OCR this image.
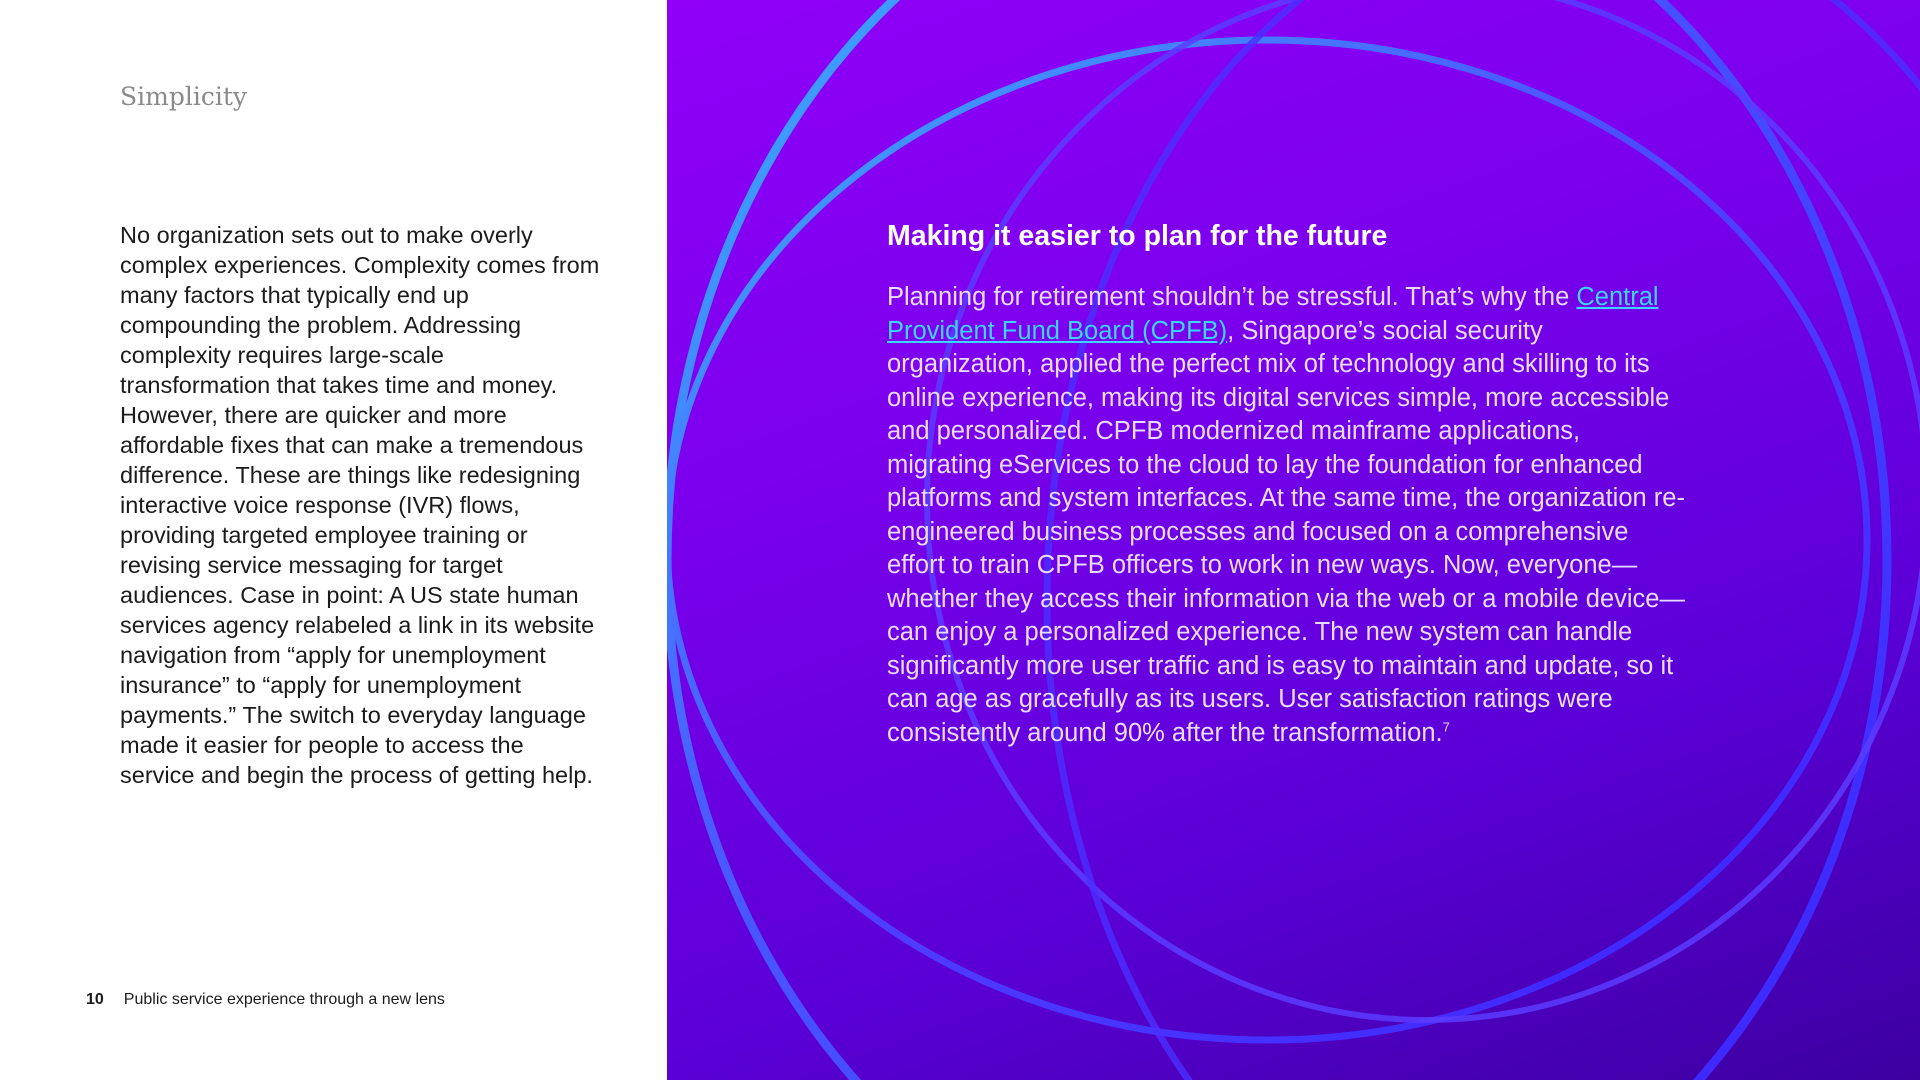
Simplicity

No organization sets out to make overly complex experiences. Complexity comes from many factors that typically end up compounding the problem. Addressing complexity requires large-scale transformation that takes time and money. However, there are quicker and more affordable fixes that can make a tremendous difference. These are things like redesigning interactive voice response (IVR) flows, providing targeted employee training or revising service messaging for target audiences. Case in point: A US state human services agency relabeled a link in its website navigation from “apply for unemployment insurance” to “apply for unemployment payments.” The switch to everyday language made it easier for people to access the service and begin the process of getting help.

10 Public service experience through a new lens
Making it easier to plan for the future

Planning for retirement shouldn’t be stressful. That’s why the Central Provident Fund Board (CPFB), Singapore’s social security organization, applied the perfect mix of technology and skilling to its online experience, making its digital services simple, more accessible and personalized. CPFB modernized mainframe applications, migrating eServices to the cloud to lay the foundation for enhanced platforms and system interfaces. At the same time, the organization re-engineered business processes and focused on a comprehensive effort to train CPFB officers to work in new ways. Now, everyone—whether they access their information via the web or a mobile device—can enjoy a personalized experience. The new system can handle significantly more user traffic and is easy to maintain and update, so it can age as gracefully as its users. User satisfaction ratings were consistently around 90% after the transformation.$^7$
